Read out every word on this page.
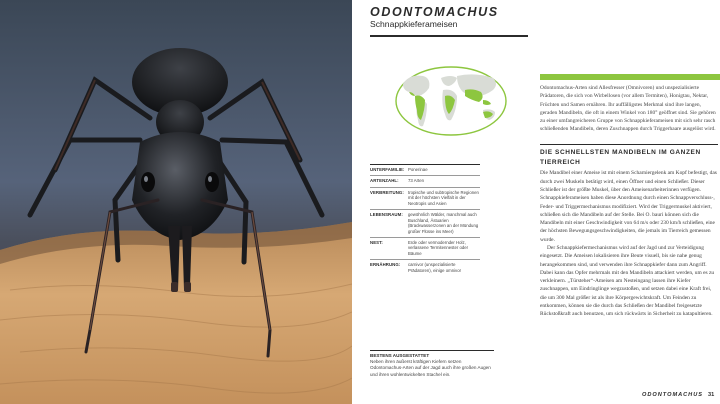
ODONTOMACHUS
Schnappkieferameisen
UNTERFAMILIE: Ponerinae
ARTENZAHL:	73 Arten
VERBREITUNG: tropische und subtropische Regionen mit der höchsten Vielfalt in der Neotropis und Asien
LEBENSRAUM:	gewöhnlich Wälder, manchmal auch Buschland, Ästuarien (Brackwasserzonen an der Mündung großer Flüsse ins Meer)
NEST:	Erde oder vermodernder Holz, verlassene Termitennester oder Bäume
ERNÄHRUNG:	carnivor (unspezialisierte Prädatoren), einige omnivor
BESTENS AUSGESTATTET
Neben ihren äußerst kräftigen Kiefern setzen Odontomachus-Arten auf der Jagd auch ihre großen Augen und ihren wohlentwickelten Stachel ein.

Odontomachus-Arten sind Allesfresser (Omnivoren) und unspezialisierte Prädatoren, die sich von Wirbellosen (vor allem Termiten), Honigtau, Nektar, Früchten und Samen ernähren. Ihr auffälligstes Merkmal sind ihre langen, geraden Mandibeln, die oft in einem Winkel von 180° geöffnet sind. Sie gehören zu einer umfangreicheren Gruppe von Schnappkieferameisen mit sich sehr rasch schließenden Mandibeln, deren Zuschnappen durch Triggerhaare ausgelöst wird.

DIE SCHNELLSTEN MANDIBELN IM GANZEN TIERREICH

Die Mandibel einer Ameise ist mit einem Scharniergelenk am Kopf befestigt, das durch zwei Muskeln betätigt wird, einen Öffner und einen Schließer. Dieser Schließer ist der größte Muskel, über den Ameisenarbeiterinnen verfügen. Schnappkieferameisen haben diese Anordnung durch einen Schnappverschluss-, Feder- und Triggermechanismus modifiziert. Wird der Triggermuskel aktiviert, schließen sich die Mandibeln auf der Stelle. Bei O. bauri können sich die Mandibeln mit einer Geschwindigkeit von 64 m/s oder 230 km/h schließen, eine der höchsten Bewegungsgeschwindigkeiten, die jemals im Tierreich gemessen wurde.

Der Schnappkiefermechanismus wird auf der Jagd und zur Verteidigung eingesetzt. Die Ameisen lokalisieren ihre Beute visuell, bis sie nahe genug herangekommen sind, und verwenden ihre Schnappkiefer dann zum Angriff. Dabei kann das Opfer mehrmals mit den Mandibeln attackiert werden, um es zu verkleinern. „Türsteher“-Ameisen am Nesteingang lassen ihre Kiefer zuschnappen, um Eindringlinge wegzustoßen, und setzen dabei eine Kraft frei, die um 300 Mal größer ist als ihre Körpergewichtskraft. Um Feinden zu entkommen, können sie die durch das Schließen der Mandibel freigesetzte Rückstoßkraft auch benutzen, um sich rückwärts in Sicherheit zu katapultieren.

ODONTOMACHUS 31
